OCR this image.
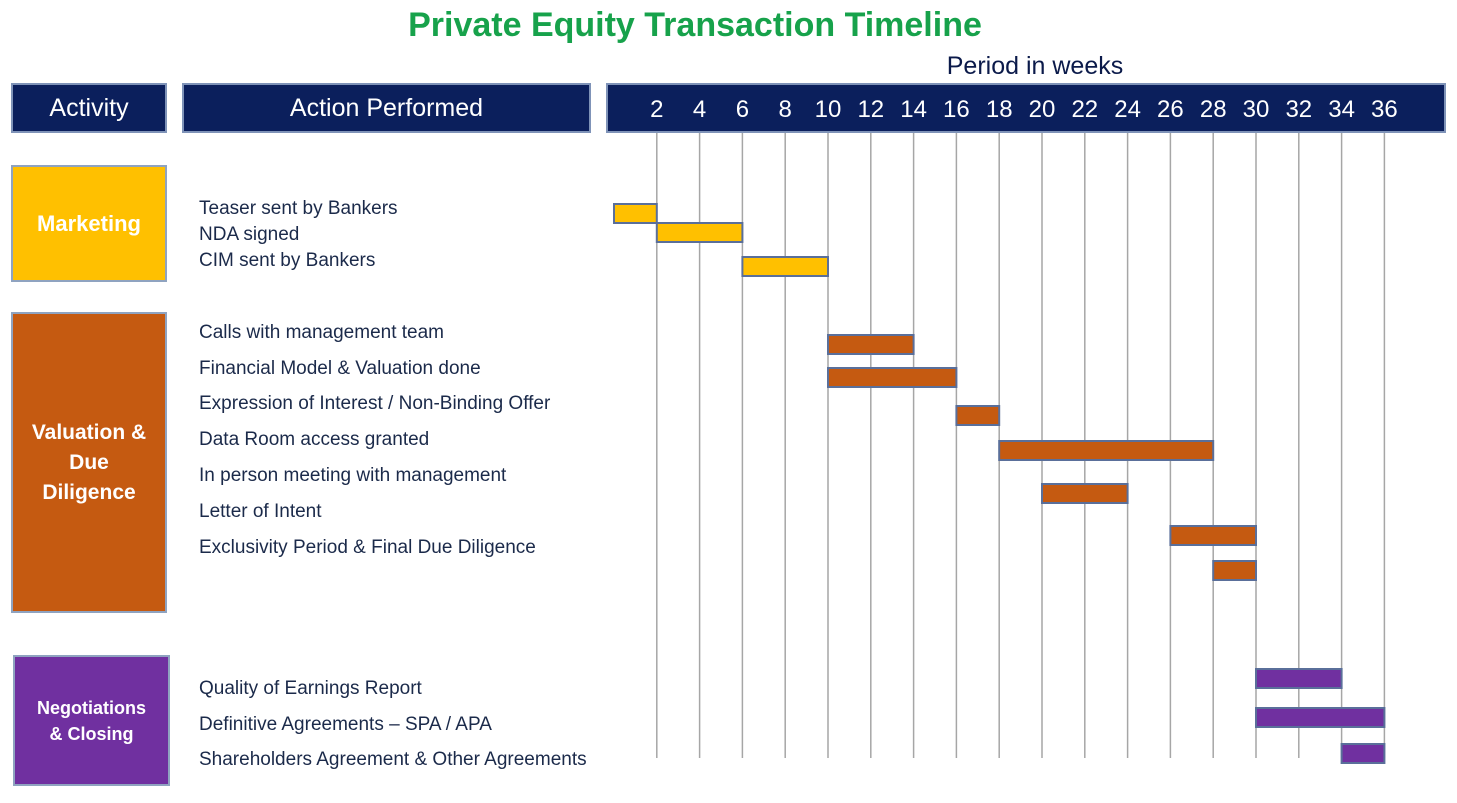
Private Equity Transaction Timeline
Period in weeks
Activity	Action Performed
Marketing
Valuation & Due Diligence
Negotiations & Closing
Teaser sent by Bankers
NDA signed
CIM sent by Bankers
Calls with management team
Financial Model & Valuation done
Expression of Interest / Non-Binding Offer
Data Room access granted
In person meeting with management
Letter of Intent
Exclusivity Period & Final Due Diligence
Quality of Earnings Report
Definitive Agreements – SPA / APA
Shareholders Agreement & Other Agreements
2 4 6 8 10 12 14 16 18 20 22 24 26 28 30 32 34 36
